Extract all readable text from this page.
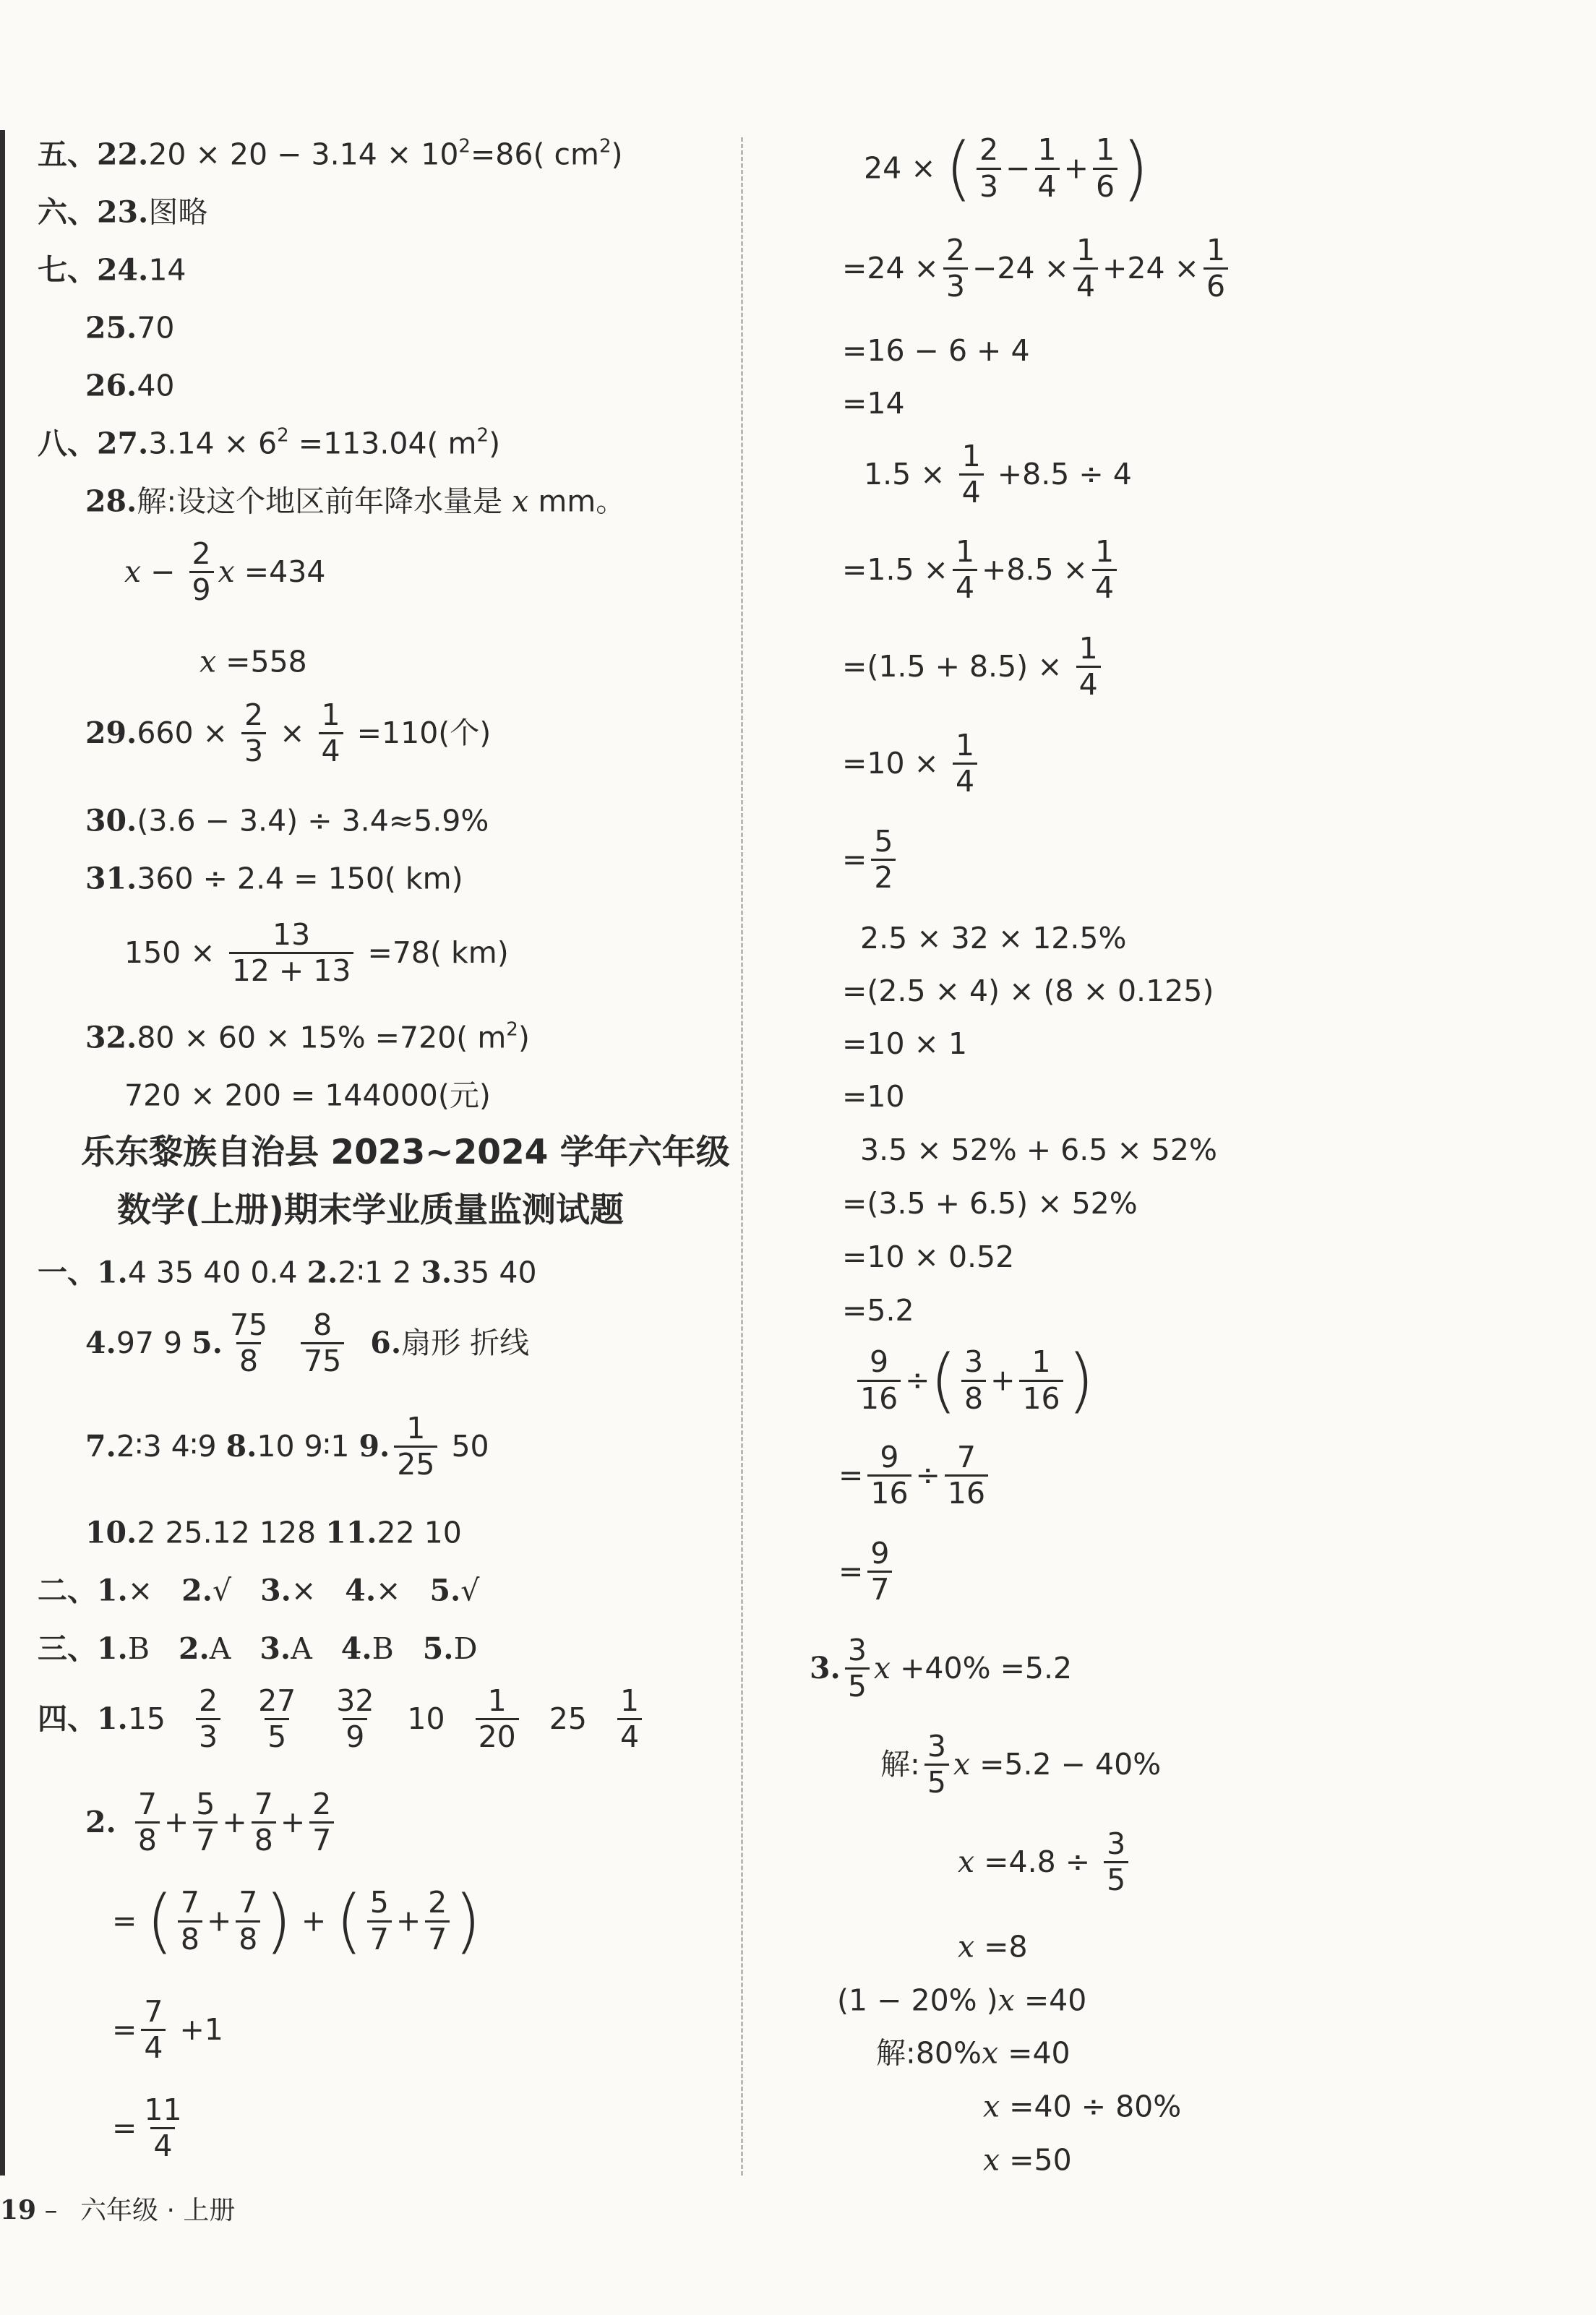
五、$22.20 \times 20 - 3.14 \times 10^2=86$( $cm^2$)
六、23.图略
七、24.14
25.70
26.40
八、$27.3.14 \times 6^2 =113.04$( $m^2$)
28.解:设这个地区前年降水量是 x mm。
$x - \frac{2}{9}$ x =434
x =558
$29.660 \times \frac{2}{3} \times \frac{1}{4} =110$(个)
30.(3.6 − 3.4) ÷ 3.4≈5.9%
31.360 ÷ 2.4 = 150( km)
$150 \times \frac{13}{12 + 13} =78$( km)
32.80 × 60 × 15% =720( $m^2$)
720 × 200 = 144000(元)
乐东黎族自治县 2023~2024 学年六年级
数学(上册)期末学业质量监测试题
一、1.4 35 40 0.4 2.2∶1 2 3.35 40
4.97 9 5. $\frac{75}{8} \frac{8}{75} 6$.扇形 折线
7.2∶3 4∶9 8.10 9∶1 9. $\frac{1}{25} 50$
10.2 25.12 128 11.22 10
二、1.× 2.√ 3.× 4.× 5.√
三、1.B 2.A 3.A 4.B 5.D
四、$1.15 \frac{2}{3} \frac{27}{5} \frac{32}{9} 10 \frac{1}{20} 25 \frac{1}{4}$
2. $\frac{7}{8} + \frac{5}{7} + \frac{7}{8} + \frac{2}{7}$
= ( $\frac{7}{8} + \frac{7}{8}$ ) + ( $\frac{5}{7} + \frac{2}{7}$ )
= $\frac{7}{4} +1$
= $\frac{11}{4}$
24 × ( $\frac{2}{3} - \frac{1}{4} + \frac{1}{6}$ )
$=24 \times \frac{2}{3} -24 \times \frac{1}{4} +24 \times \frac{1}{6}$
=16 − 6 + 4
=14
$1.5 \times \frac{1}{4} +8.5 \div 4$
$=1.5 \times \frac{1}{4} +8.5 \times \frac{1}{4}$
$=(1.5 + 8.5) \times \frac{1}{4}$
$=10 \times \frac{1}{4}$
= $\frac{5}{2}$
2.5 × 32 × 12.5%
=(2.5 × 4) × (8 × 0.125)
=10 × 1
=10
3.5 × 52% + 6.5 × 52%
=(3.5 + 6.5) × 52%
=10 × 0.52
=5.2
$\frac{9}{16}$ ÷( $\frac{3}{8} + \frac{1}{16}$ )
= $\frac{9}{16} \div \frac{7}{16}$
= $\frac{9}{7}$
3. $\frac{3}{5}$ x +40% =5.2
解: $\frac{3}{5}$ x =5.2 − 40%
$x =4.8 \div \frac{3}{5}$
x =8
(1 − 20% )x =40
解:80%x =40
x =40 ÷ 80%
x =50
19 – 六年级 · 上册
